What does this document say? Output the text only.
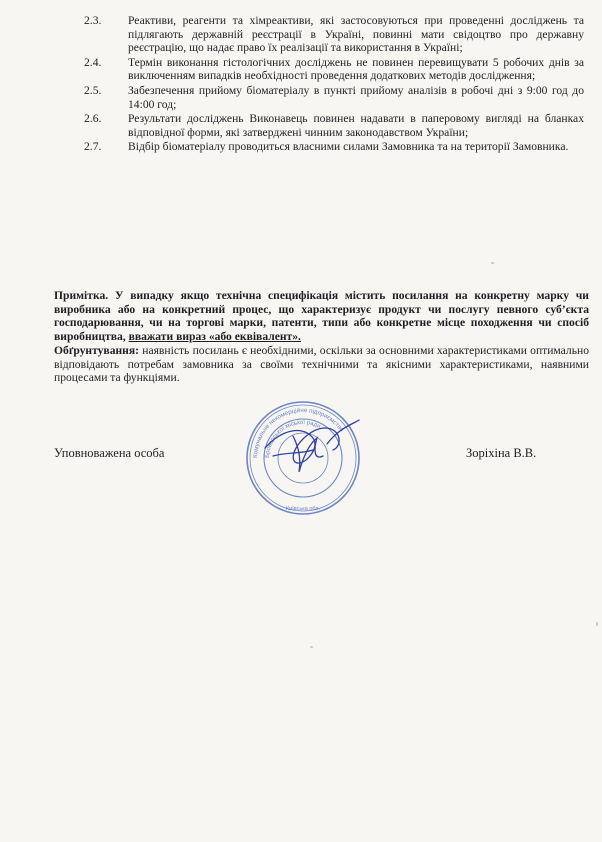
2.3.	Реактиви, реагенти та хімреактиви, які застосовуються при проведенні досліджень та підлягають державній реєстрації в Україні, повинні мати свідоцтво про державну реєстрацію, що надає право їх реалізації та використання в Україні;
2.4.	Термін виконання гістологічних досліджень не повинен перевищувати 5 робочих днів за виключенням випадків необхідності проведення додаткових методів дослідження;
2.5.	Забезпечення прийому біоматеріалу в пункті прийому аналізів в робочі дні з 9:00 год до 14:00 год;
2.6.	Результати досліджень Виконавець повинен надавати в паперовому вигляді на бланках відповідної форми, які затверджені чинним законодавством України;
2.7.	Відбір біоматеріалу проводиться власними силами Замовника та на території Замовника.

Примітка. У випадку якщо технічна специфікація містить посилання на конкретну марку чи виробника або на конкретний процес, що характеризує продукт чи послугу певного суб’єкта господарювання, чи на торгові марки, патенти, типи або конкретне місце походження чи спосіб виробництва, вважати вираз «або еквівалент».

Обґрунтування: наявність посилань є необхідними, оскільки за основними характеристиками оптимально відповідають потребам замовника за своїми технічними та якісними характеристиками, наявними процесами та функціями.

Уповноважена особа	Зоріхіна В.В.
Комунальне некомерційне підприємство
Броварської міської ради
Київська обл.
